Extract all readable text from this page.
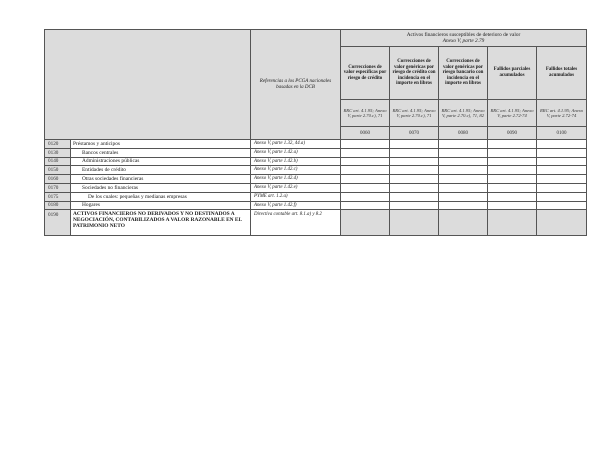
		Referencias a los PCGA nacionales basadas en la DCB	Activos financieros susceptibles de deterioro de valor
Anexo V, parte 2.79				

			Correcciones de valor específicas por riesgo de crédito	Correcciones de valor genéricas por riesgo de crédito con incidencia en el importe en libros	Correcciones de valor genéricas por riesgo bancario con incidencia en el importe en libros	Fallidos parciales acumulados	Fallidos totales acumulados
			RRC art. 4.1.95; Anexo V, parte 2.70.c), 71	RRC art. 4.1.95; Anexo V, parte 2.70.c), 71	RRC art. 4.1.95; Anexo V, parte 2.70.c), 71, 82	RRC art. 4.1.95; Anexo V, parte 2.72-74	RRC art. 4.1.95; Anexo V, parte 2.72-74
			0060	0070	0080	0090	0100
0120	Préstamos y anticipos	Anexo V, parte 1.32, 44.a)					
0130	Bancos centrales	Anexo V, parte 1.42.a)					
0140	Administraciones públicas	Anexo V, parte 1.42.b)					
0150	Entidades de crédito	Anexo V, parte 1.42.c)					
0160	Otras sociedades financieras	Anexo V, parte 1.42.d)					
0170	Sociedades no financieras	Anexo V, parte 1.42.e)					
0175	De los cuales: pequeñas y medianas empresas	PYME art. 1.2.a)					
0180	Hogares	Anexo V, parte 1.42.f)					
0190	ACTIVOS FINANCIEROS NO DERIVADOS Y NO DESTINADOS A NEGOCIACIÓN, CONTABILIZADOS A VALOR RAZONABLE EN EL PATRIMONIO NETO	Directiva contable art. 8.1.a) y 8.2					
